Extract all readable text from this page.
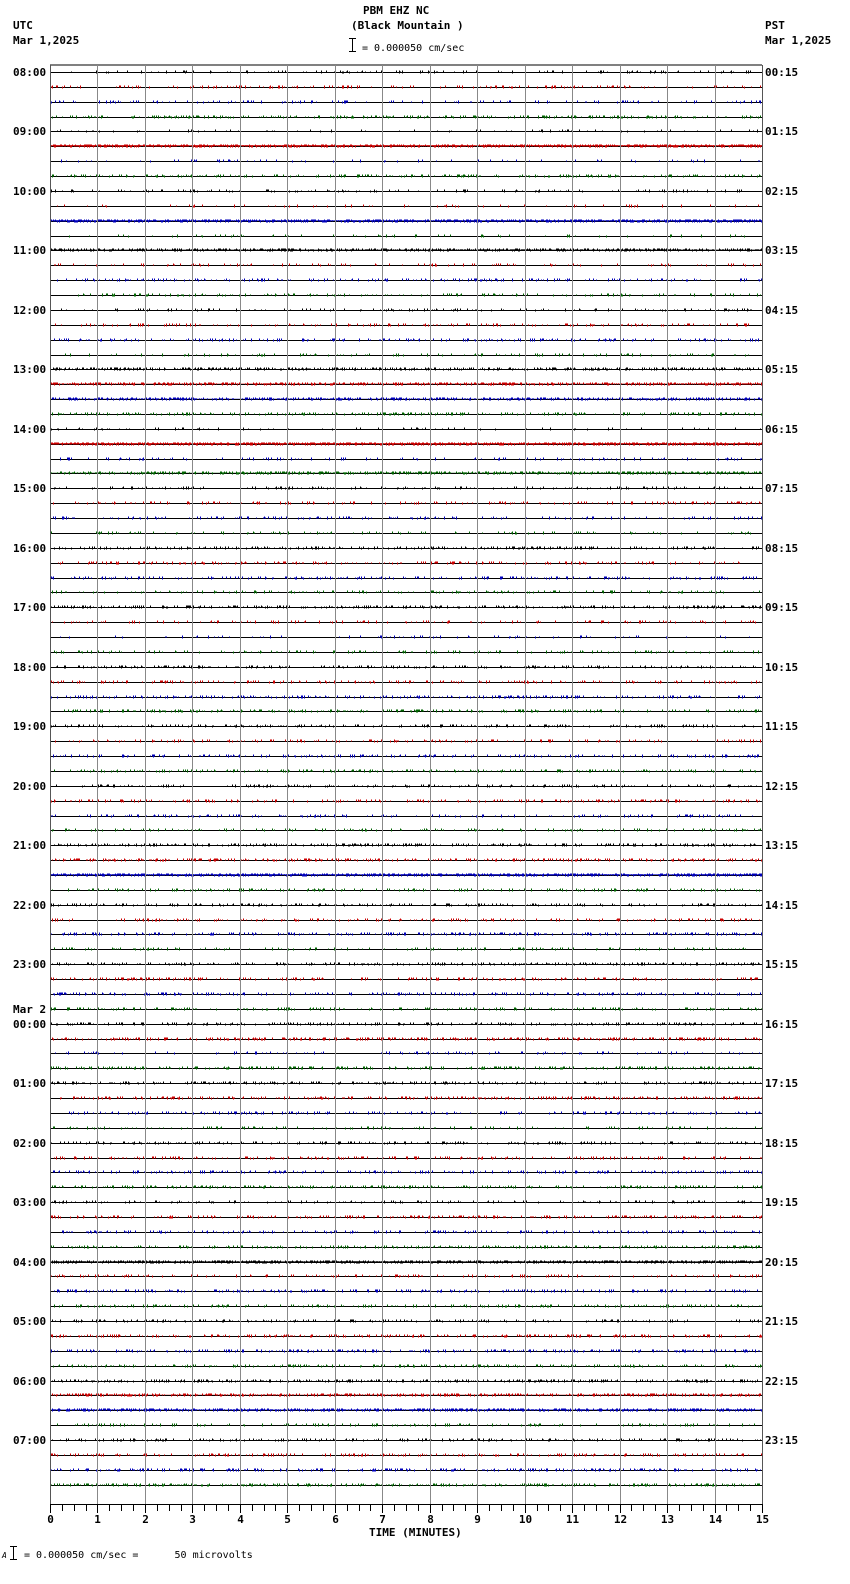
PBM EHZ NC
(Black Mountain )
= 0.000050 cm/sec
UTC
Mar 1,2025
PST
Mar 1,2025
08:00	00:15
09:00	01:15
10:00	02:15
11:00	03:15
12:00	04:15
13:00	05:15
14:00	06:15
15:00	07:15
16:00	08:15
17:00	09:15
18:00	10:15
19:00	11:15
20:00	12:15
21:00	13:15
22:00	14:15
23:00	15:15
00:00
Mar 2
16:15
01:00	17:15
02:00	18:15
03:00	19:15
04:00	20:15
05:00	21:15
06:00	22:15
07:00	23:15
0	1	2	3	4	5	6	7	8	9	10	11	12	13	14	15
TIME (MINUTES)
A = 0.000050 cm/sec =      50 microvolts
